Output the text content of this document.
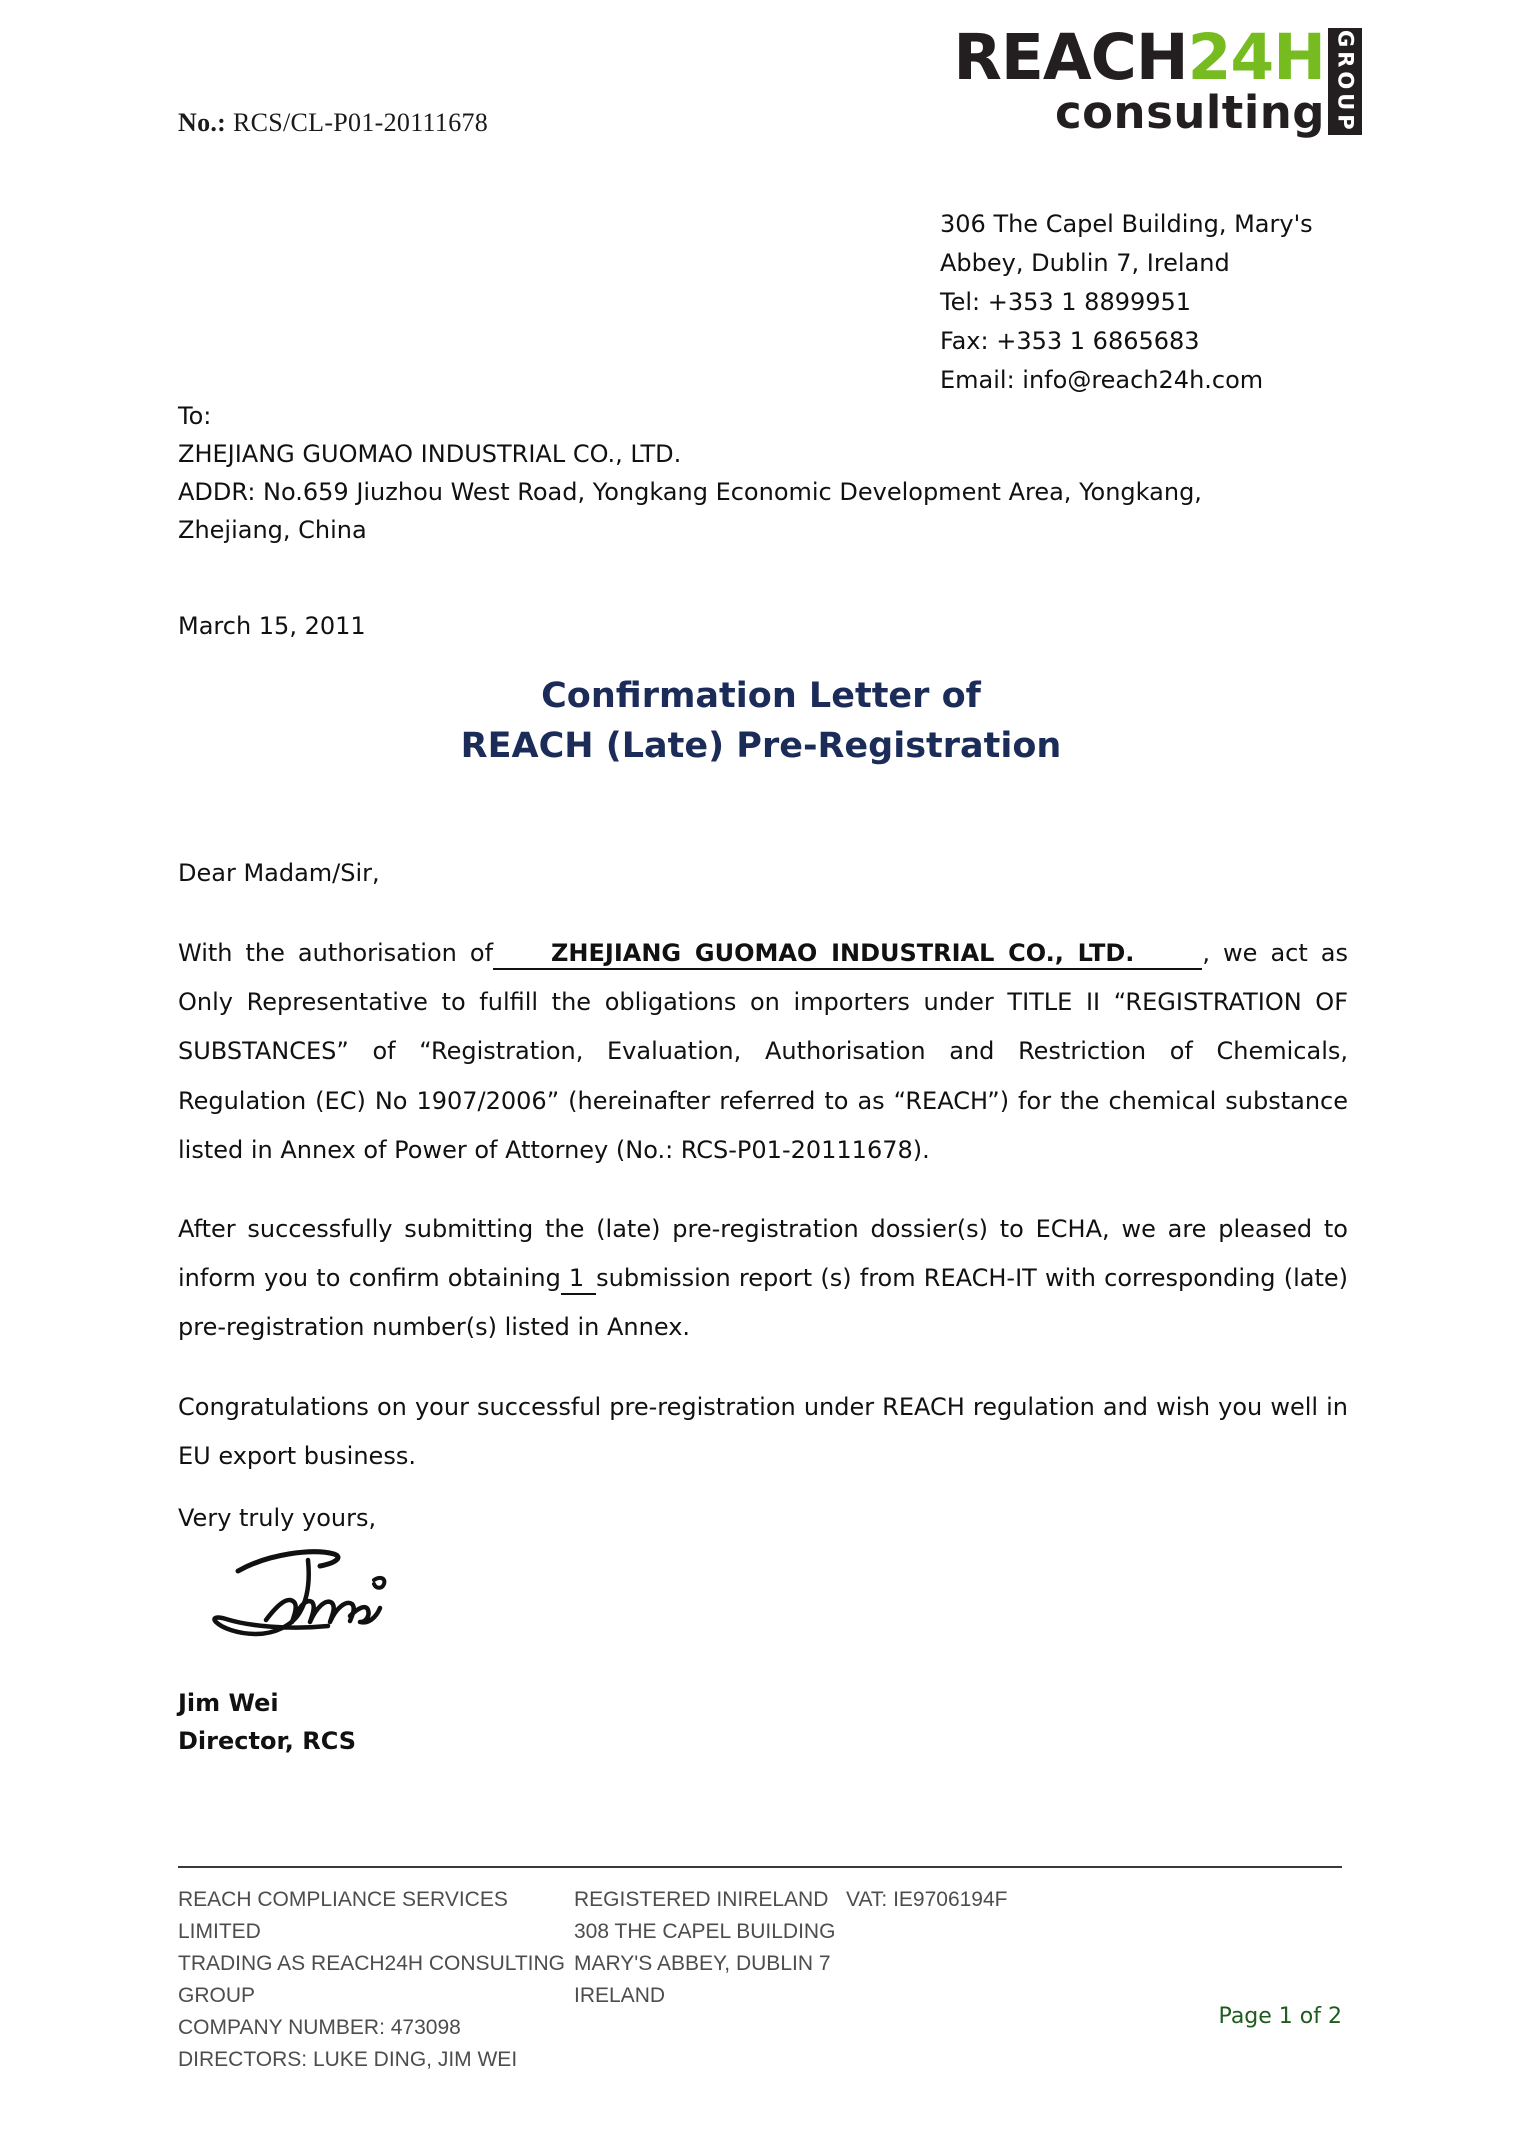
No.: RCS/CL-P01-20111678
REACH 24H
consulting GROUP
306 The Capel Building, Mary's
Abbey, Dublin 7, Ireland
Tel: +353 1 8899951
Fax: +353 1 6865683
Email: info@reach24h.com
To:
ZHEJIANG GUOMAO INDUSTRIAL CO., LTD.
ADDR: No.659 Jiuzhou West Road, Yongkang Economic Development Area, Yongkang, Zhejiang, China
March 15, 2011
Confirmation Letter of
REACH (Late) Pre-Registration

Dear Madam/Sir,

With the authorisation of ZHEJIANG GUOMAO INDUSTRIAL CO., LTD.	, we act as Only Representative to fulfill the obligations on importers under TITLE II “REGISTRATION OF SUBSTANCES” of “Registration, Evaluation, Authorisation and Restriction of Chemicals, Regulation (EC) No 1907/2006” (hereinafter referred to as “REACH”) for the chemical substance listed in Annex of Power of Attorney (No.: RCS-P01-20111678).

After successfully submitting the (late) pre-registration dossier(s) to ECHA, we are pleased to inform you to confirm obtaining 1 submission report (s) from REACH-IT with corresponding (late) pre-registration number(s) listed in Annex.

Congratulations on your successful pre-registration under REACH regulation and wish you well in EU export business.

Very truly yours,
Jim Wei
Director, RCS
REACH COMPLIANCE SERVICES LIMITED
TRADING AS REACH24H CONSULTING GROUP
COMPANY NUMBER: 473098
DIRECTORS: LUKE DING, JIM WEI
REGISTERED INIRELAND
308 THE CAPEL BUILDING
MARY'S ABBEY, DUBLIN 7
IRELAND
VAT: IE9706194F
Page 1 of 2
